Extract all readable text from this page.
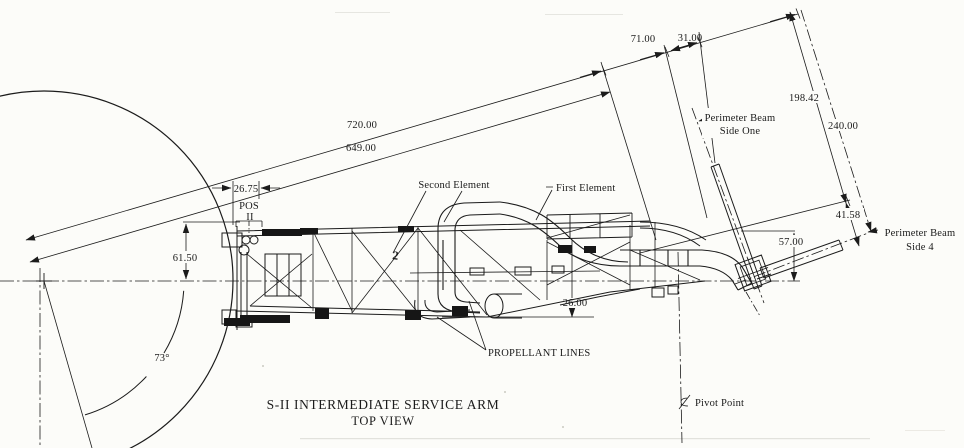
720.00
649.00
71.00 31.00
198.42
240.00
41.58
57.00
61.50
26.75
26.00
73°
POS
II
Second Element	First Element
Perimeter Beam
Side One
Perimeter Beam
Side 4
PROPELLANT LINES
Pivot Point
2
S-II INTERMEDIATE SERVICE ARM
TOP VIEW
